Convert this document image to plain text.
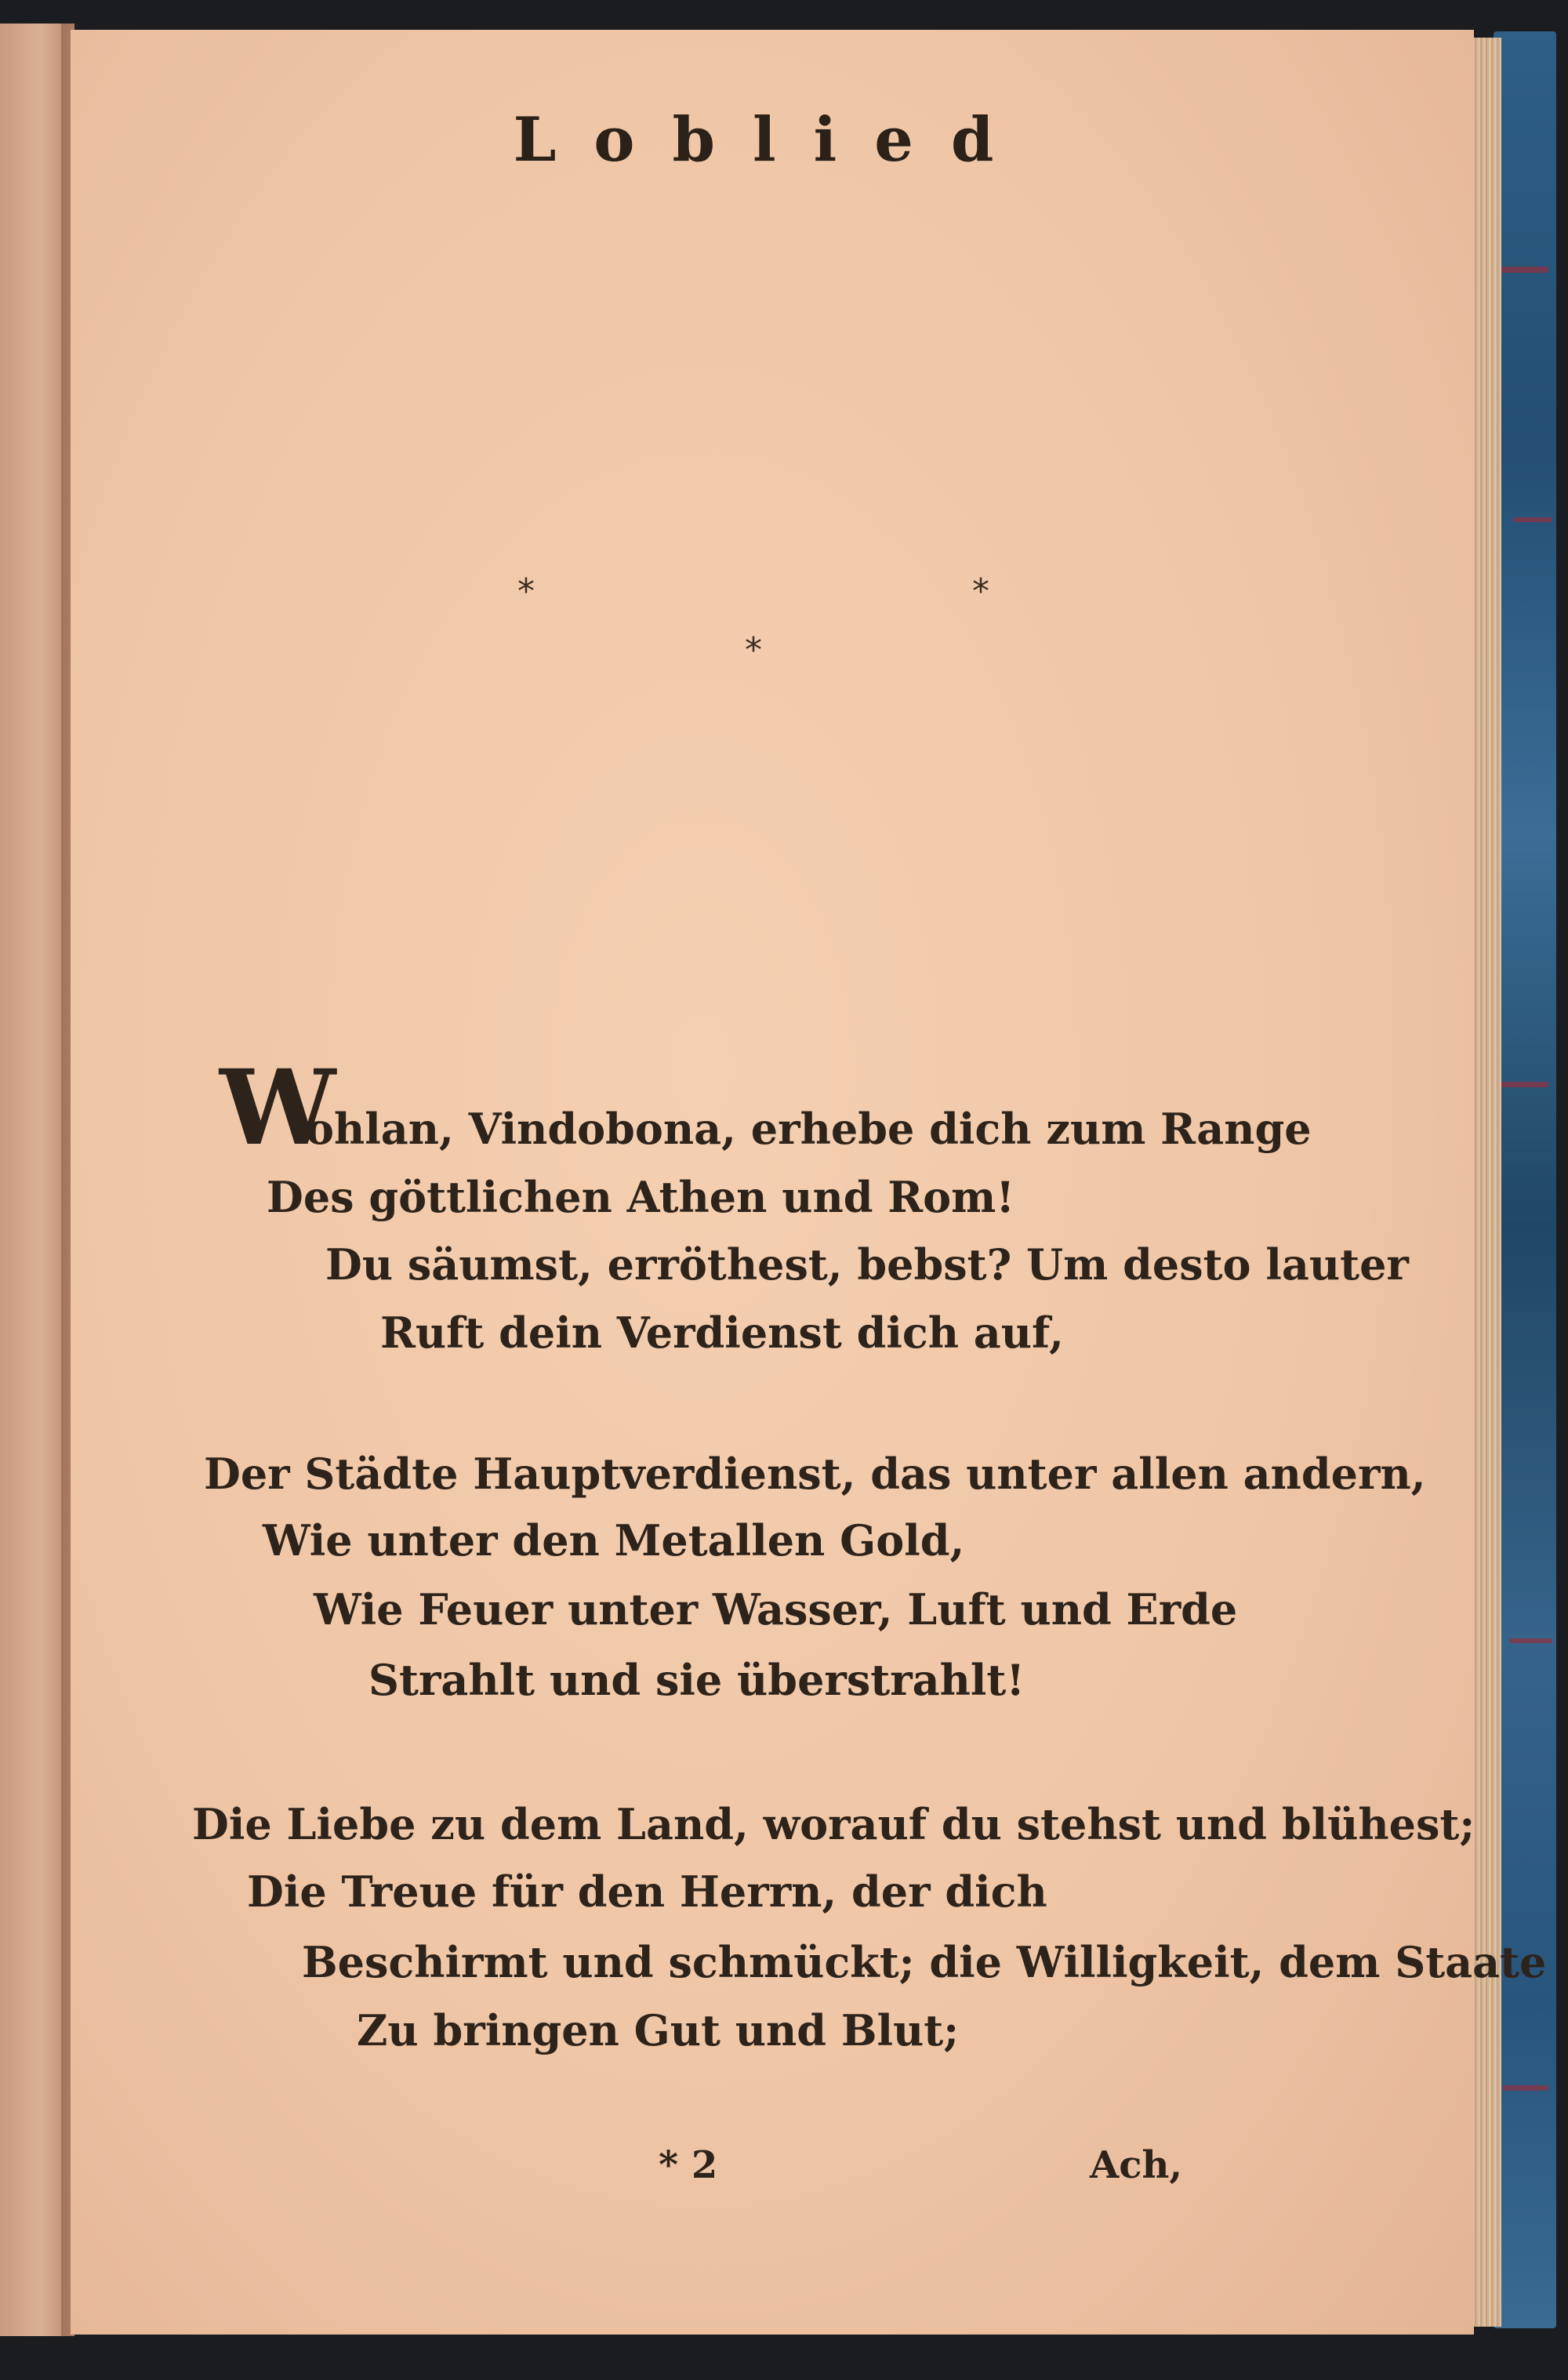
Loblied
*
*
*
W
ohlan, Vindobona, erhebe dich zum Range
Des göttlichen Athen und Rom!
Du säumst, erröthest, bebst? Um desto lauter
Ruft dein Verdienst dich auf,
Der Städte Hauptverdienst, das unter allen andern,
Wie unter den Metallen Gold,
Wie Feuer unter Wasser, Luft und Erde
Strahlt und sie überstrahlt!
Die Liebe zu dem Land, worauf du stehst und blühest;
Die Treue für den Herrn, der dich
Beschirmt und schmückt; die Willigkeit, dem Staate
Zu bringen Gut und Blut;
* 2	Ach,
